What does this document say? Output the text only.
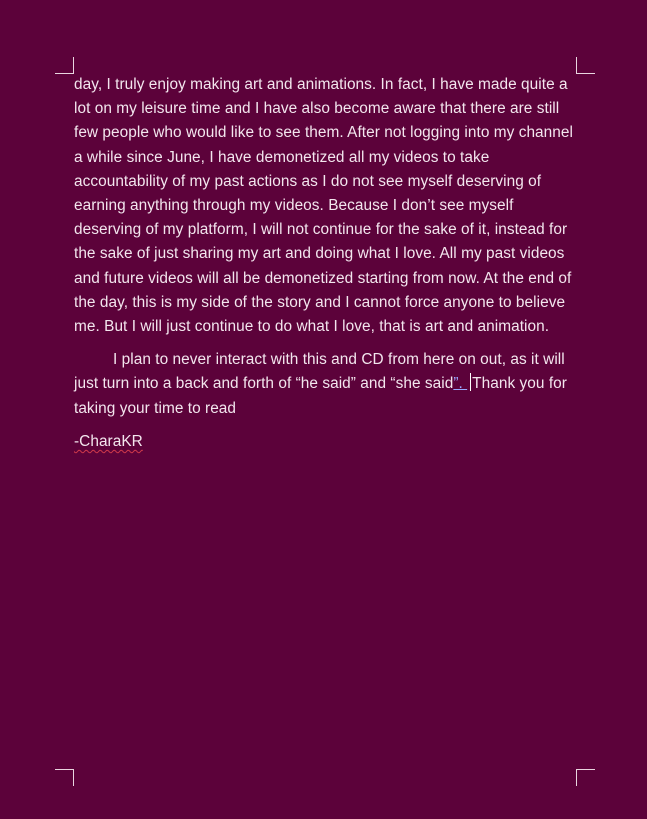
day, I truly enjoy making art and animations. In fact, I have made quite a lot on my leisure time and I have also become aware that there are still few people who would like to see them. After not logging into my channel a while since June, I have demonetized all my videos to take accountability of my past actions as I do not see myself deserving of earning anything through my videos. Because I don’t see myself deserving of my platform, I will not continue for the sake of it, instead for the sake of just sharing my art and doing what I love. All my past videos and future videos will all be demonetized starting from now. At the end of the day, this is my side of the story and I cannot force anyone to believe me. But I will just continue to do what I love, that is art and animation.

I plan to never interact with this and CD from here on out, as it will just turn into a back and forth of “he said” and “she said”. Thank you for taking your time to read

-CharaKR
